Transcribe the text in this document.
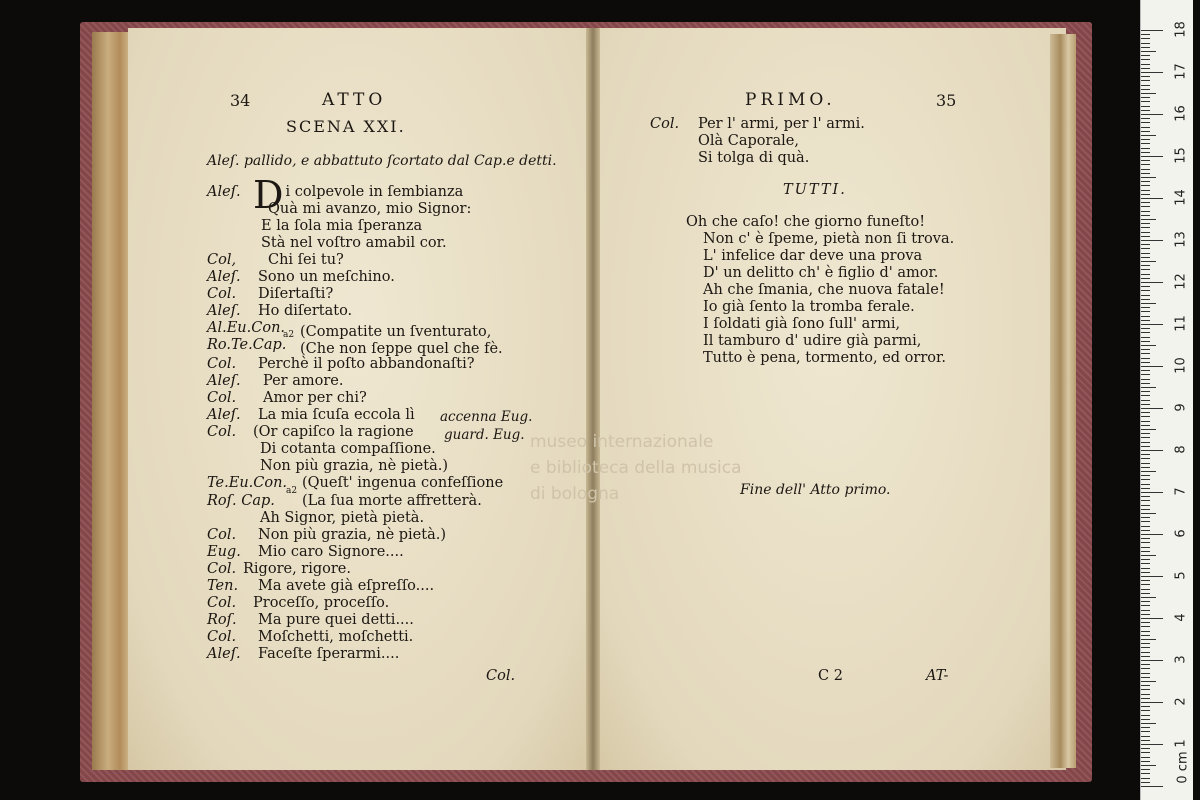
museo internazionale
e biblioteca della musica
di bologna
34	ATTO
SCENA XXI.
Aleſ. pallido, e abbattuto ſcortato dal Cap.e detti.
Aleſ. Di colpevole in ſembianza
Quà mi avanzo, mio Signor:
E la ſola mia ſperanza
Stà nel voſtro amabil cor.
Col, Chi ſei tu?
Aleſ. Sono un meſchino.
Col. Diſertaſti?
Aleſ. Ho diſertato.
Al.Eu.Con. (Compatite un ſventurato,
a2
Ro.Te.Cap. (Che non ſeppe quel che fè.
Col. Perchè il poſto abbandonaſti?
Aleſ. Per amore.
Col. Amor per chi?
Aleſ. La mia ſcuſa eccola lì accenna Eug.
Col. (Or capiſco la ragione guard. Eug.
Di cotanta compaſſione.
Non più grazia, nè pietà.)
Te.Eu.Con. (Queſt' ingenua confeſſione
a2
Roſ. Cap. (La ſua morte affretterà.
Ah Signor, pietà pietà.
Col. Non più grazia, nè pietà.)
Eug. Mio caro Signore....
Col. Rigore, rigore.
Ten. Ma avete già eſpreſſo....
Col. Proceſſo, proceſſo.
Roſ. Ma pure quei detti....
Col. Moſchetti, moſchetti.
Aleſ. Faceſte ſperarmi....
Col.
PRIMO.	35
Col. Per l' armi, per l' armi.
Olà Caporale,
Si tolga di quà.
TUTTI.
Oh che caſo! che giorno funeſto!
Non c' è ſpeme, pietà non ſi trova.
L' infelice dar deve una prova
D' un delitto ch' è figlio d' amor.
Ah che ſmania, che nuova fatale!
Io già ſento la tromba ferale.
I ſoldati già ſono ſull' armi,
Il tamburo d' udire già parmi,
Tutto è pena, tormento, ed orror.
Fine dell' Atto primo.
C 2	AT-
18
17
16
15
14
13
12
11
10
9
8
7
6
5
4
3
2
1
0 cm
